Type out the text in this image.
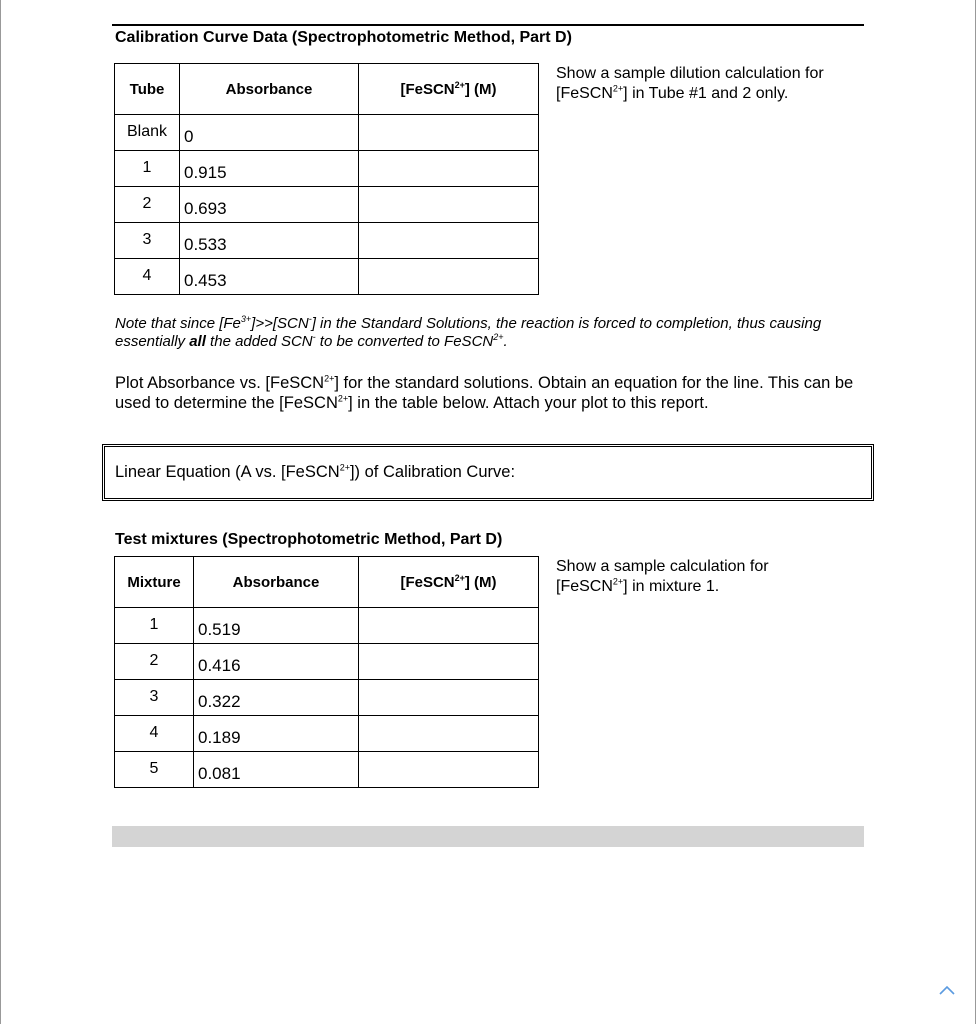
Calibration Curve Data (Spectrophotometric Method, Part D)
Tube	Absorbance	[FeSCN$^{2+}$] (M)
Blank	0	
1	0.915	
2	0.693	
3	0.533	
4	0.453	
Show a sample dilution calculation for
[FeSCN$^{2+}$] in Tube #1 and 2 only.
Note that since $[Fe^{3+}]>>[SCN^-]$ in the Standard Solutions, the reaction is forced to completion, thus causing essentially all the added SCN- to be converted to FeSCN$^{2+}$.
Plot Absorbance vs. [FeSCN$^{2+}$] for the standard solutions. Obtain an equation for the line. This can be used to determine the [FeSCN$^{2+}$] in the table below. Attach your plot to this report.
Linear Equation (A vs. [FeSCN$^{2+}$]) of Calibration Curve:
Test mixtures (Spectrophotometric Method, Part D)
Mixture	Absorbance	[FeSCN$^{2+}$] (M)
1	0.519	
2	0.416	
3	0.322	
4	0.189	
5	0.081	
Show a sample calculation for
[FeSCN$^{2+}$] in mixture 1.
